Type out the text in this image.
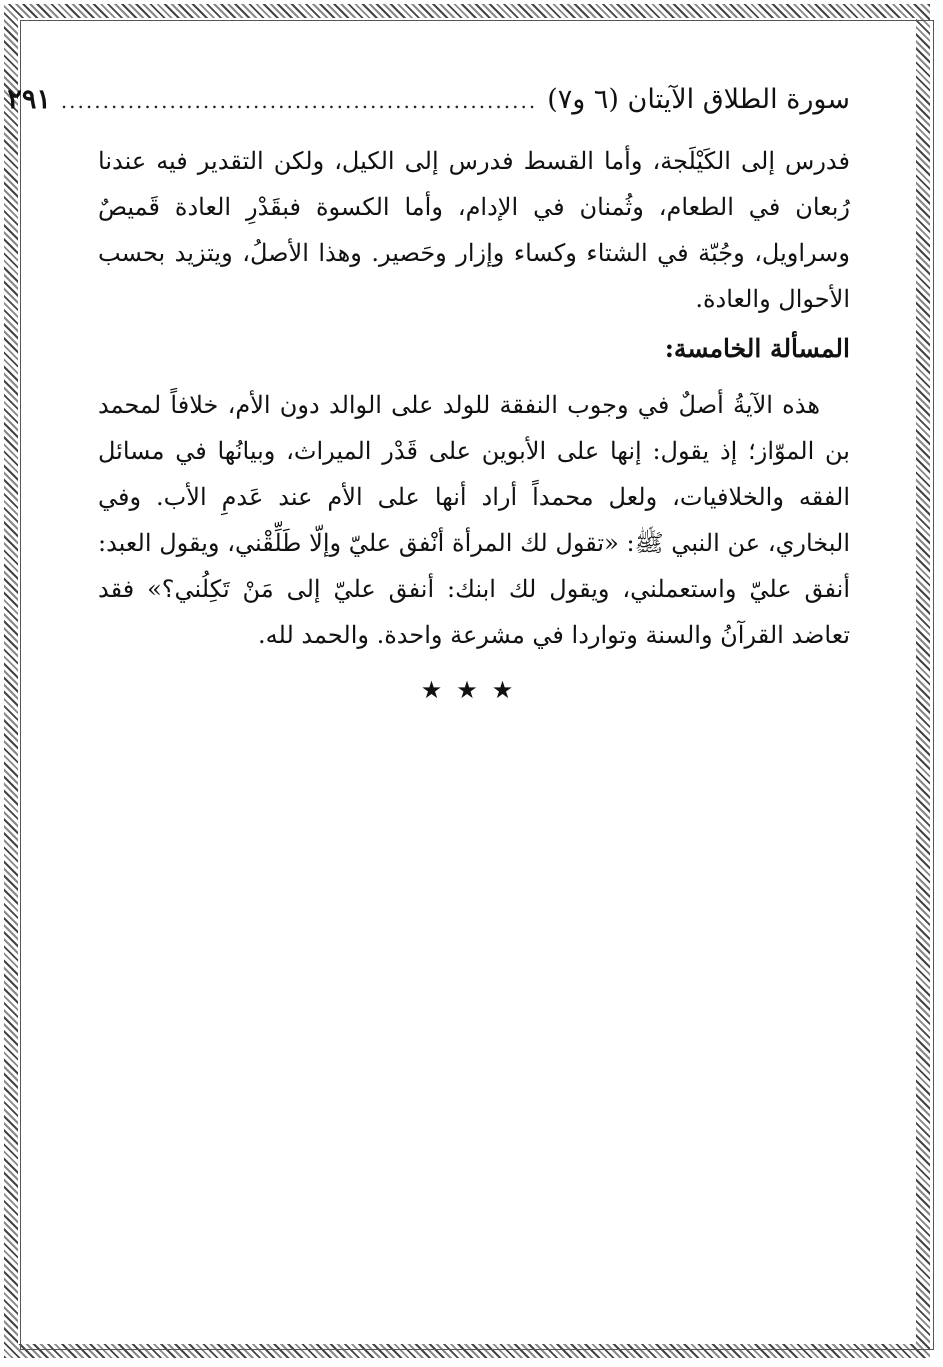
سورة الطلاق الآيتان (٦ و٧)
.........................................................
٢٩١

فدرس إلى الكَيْلَجة، وأما القسط فدرس إلى الكيل، ولكن التقدير فيه عندنا رُبعان في الطعام، وثُمنان في الإدام، وأما الكسوة فبقَدْرِ العادة قَميصٌ وسراويل، وجُبّة في الشتاء وكساء وإزار وحَصير. وهذا الأصلُ، ويتزيد بحسب الأحوال والعادة.

المسألة الخامسة:

هذه الآيةُ أصلٌ في وجوب النفقة للولد على الوالد دون الأم، خلافاً لمحمد بن الموّاز؛ إذ يقول: إنها على الأبوين على قَدْر الميراث، وبيانُها في مسائل الفقه والخلافيات، ولعل محمداً أراد أنها على الأم عند عَدمِ الأب. وفي البخاري، عن النبي ﷺ: «تقول لك المرأة أنْفق عليّ وإلّا طَلِّقْني، ويقول العبد: أنفق عليّ واستعملني، ويقول لك ابنك: أنفق عليّ إلى مَنْ تَكِلُني؟» فقد تعاضد القرآنُ والسنة وتواردا في مشرعة واحدة. والحمد لله.

★★★
